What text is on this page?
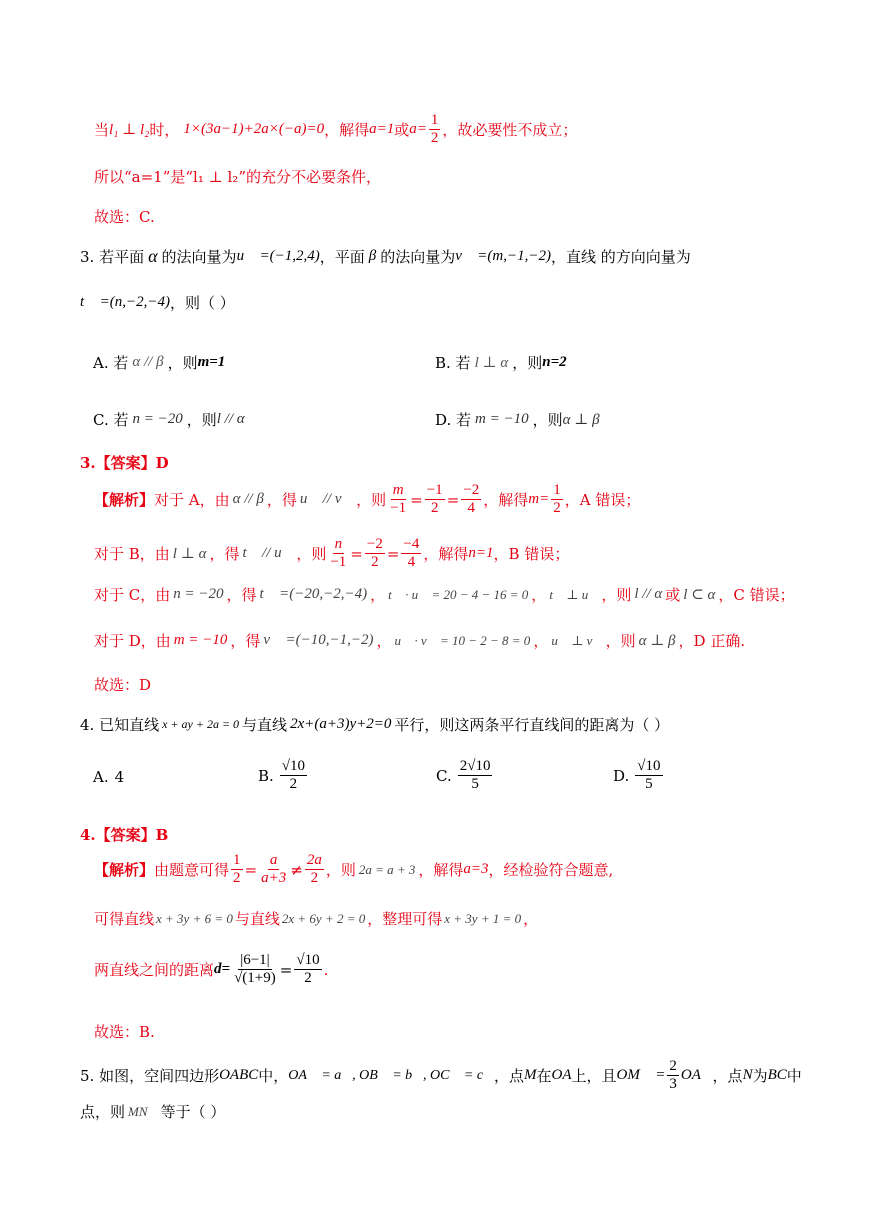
当 l₁ ⊥ l₂ 时， 1×(3a−1)+2a×(−a)=0 ，解得 a=1 或 $a= \frac{1}{2}$ ，故必要性不成立；
所以“a=1”是“l₁ ⊥ l₂”的充分不必要条件，
故选：C.
3. 若平面 α 的法向量为 u⃗ =(−1,2,4) ，平面 β 的法向量为 v⃗ =(m,−1,−2) ，直线 的方向向量为
t⃗ =(n,−2,−4) ，则（ ）
A. 若 α // β ，则 m=1	B. 若 l ⊥ α ，则 n=2
C. 若 n = −20 ，则 l // α	D. 若 m = −10 ，则 α ⊥ β
3.【答案】D
【解析】 对于 A，由 α // β ，得 u⃗ // v⃗ ，则 $\frac{m}{-1} = \frac{-1}{2} = \frac{-2}{4}$ ，解得 $m= \frac{1}{2}$ ，A 错误；
对于 B，由 l ⊥ α ，得 t⃗ // u⃗ ，则 $\frac{n}{-1} = \frac{-2}{2} = \frac{-4}{4}$ ，解得 n=1 ，B 错误；
对于 C，由 n = −20 ，得 t⃗ =(−20,−2,−4) ， t⃗ · u⃗ = 20 − 4 − 16 = 0 ， t⃗ ⊥ u⃗ ，则 l // α 或 l ⊂ α ，C 错误；
对于 D，由 m = −10 ，得 v⃗ =(−10,−1,−2) ， u⃗ · v⃗ = 10 − 2 − 8 = 0 ， u⃗ ⊥ v⃗ ，则 α ⊥ β ，D 正确.
故选：D
4. 已知直线 x + ay + 2a = 0 与直线 2x+(a+3)y+2=0 平行，则这两条平行直线间的距离为（ ）
A. 4	B. $\frac{√10}{2}$	C. $\frac{2√10}{5}$	D. $\frac{√10}{5}$
4.【答案】B
【解析】 由题意可得 $\frac{1}{2} = \frac{a}{a+3} \ne \frac{2a}{2}$ ，则 2a = a + 3 ，解得 a=3 ，经检验符合题意,
可得直线 x + 3y + 6 = 0 与直线 2x + 6y + 2 = 0 ，整理可得 x + 3y + 1 = 0 ，
两直线之间的距离 $d= \frac{|6-1|}{√(1+9)} = \frac{√10}{2}$ .
故选：B.
5. 如图，空间四边形 OABC 中， OA⃗ = a⃗, OB⃗ = b⃗, OC⃗ = c⃗ ，点 M 在 OA 上，且 OM⃗ = $\frac{2}{3}$ OA⃗ ，点 N 为 BC 中
点，则 MN⃗ 等于（ ）
